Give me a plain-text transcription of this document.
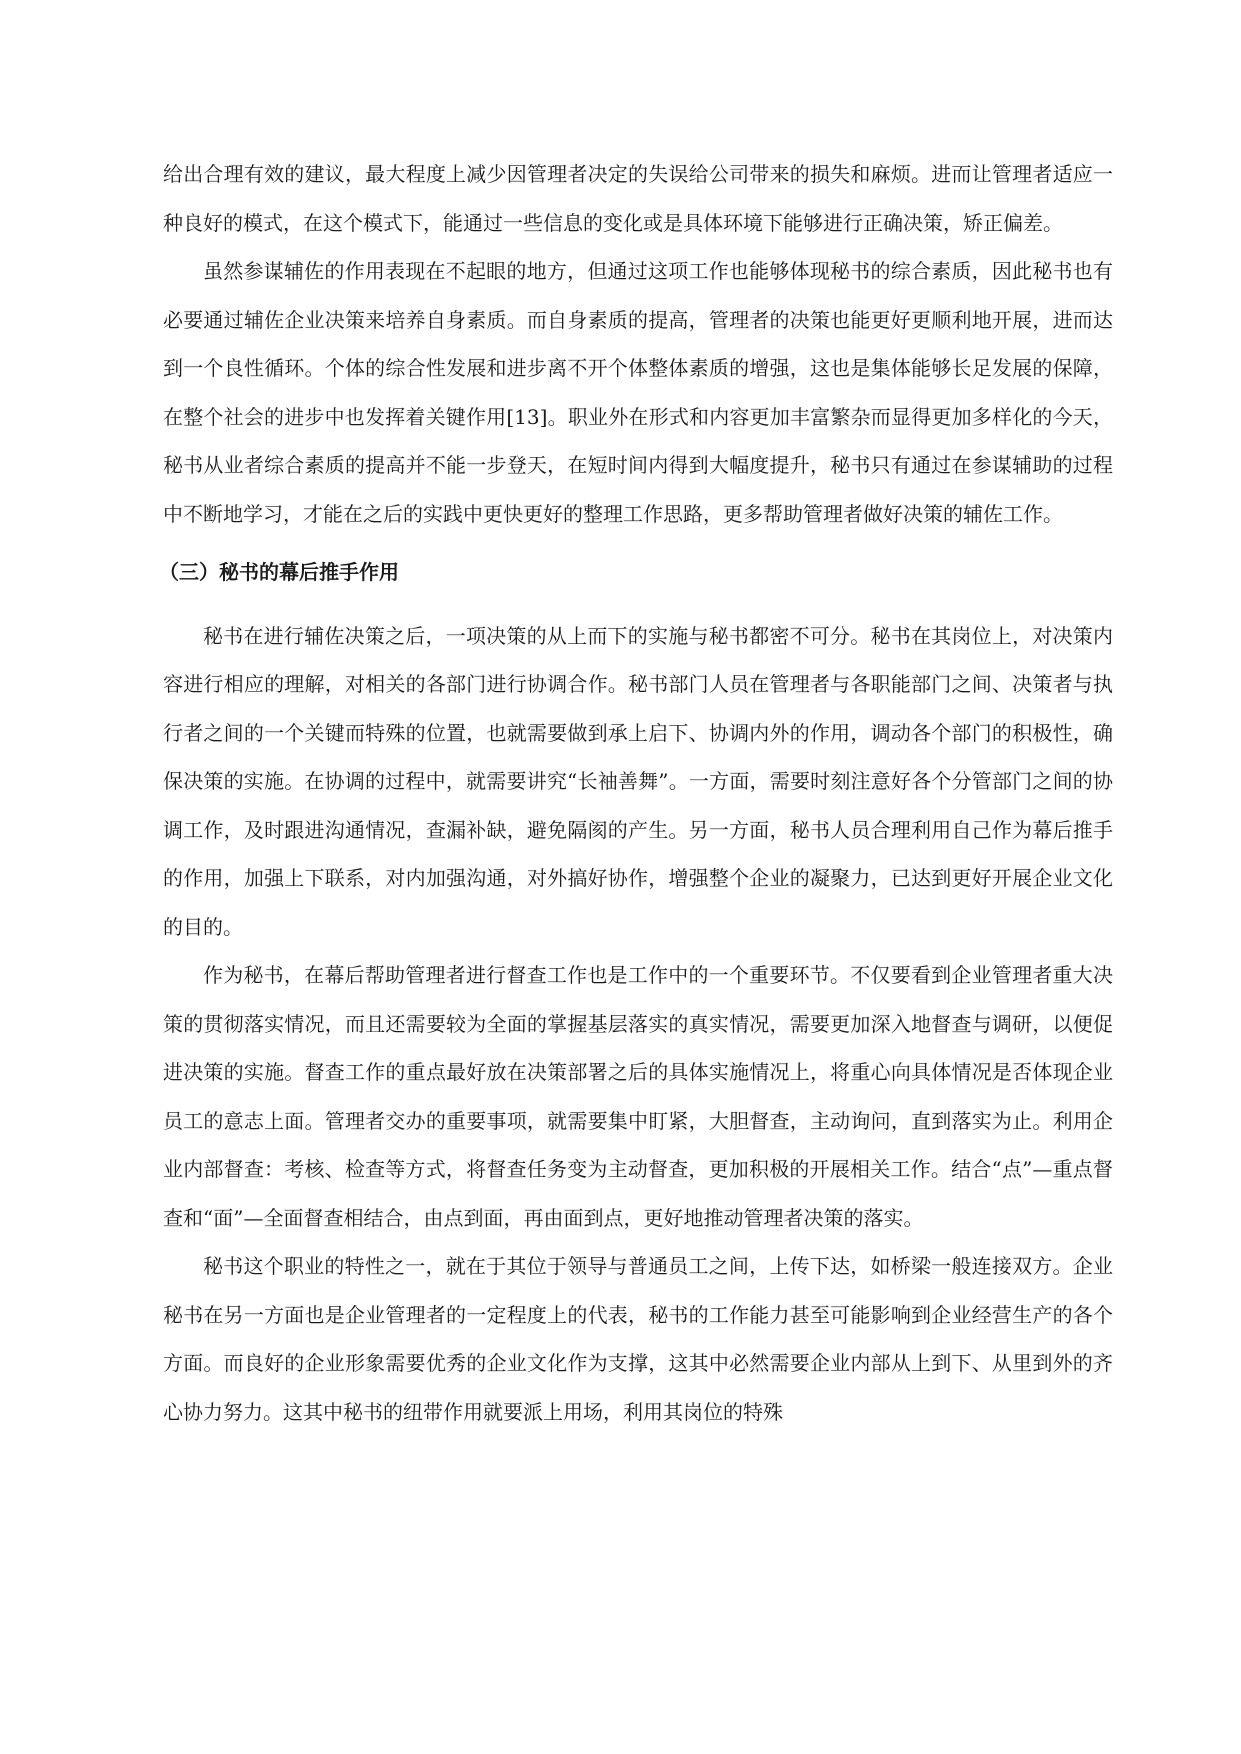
给出合理有效的建议，最大程度上减少因管理者决定的失误给公司带来的损失和麻烦。进而让管理者适应一种良好的模式，在这个模式下，能通过一些信息的变化或是具体环境下能够进行正确决策，矫正偏差。

虽然参谋辅佐的作用表现在不起眼的地方，但通过这项工作也能够体现秘书的综合素质，因此秘书也有必要通过辅佐企业决策来培养自身素质。而自身素质的提高，管理者的决策也能更好更顺利地开展，进而达到一个良性循环。个体的综合性发展和进步离不开个体整体素质的增强，这也是集体能够长足发展的保障，在整个社会的进步中也发挥着关键作用[13]。职业外在形式和内容更加丰富繁杂而显得更加多样化的今天，秘书从业者综合素质的提高并不能一步登天，在短时间内得到大幅度提升，秘书只有通过在参谋辅助的过程中不断地学习，才能在之后的实践中更快更好的整理工作思路，更多帮助管理者做好决策的辅佐工作。

（三）秘书的幕后推手作用

秘书在进行辅佐决策之后，一项决策的从上而下的实施与秘书都密不可分。秘书在其岗位上，对决策内容进行相应的理解，对相关的各部门进行协调合作。秘书部门人员在管理者与各职能部门之间、决策者与执行者之间的一个关键而特殊的位置，也就需要做到承上启下、协调内外的作用，调动各个部门的积极性，确保决策的实施。在协调的过程中，就需要讲究“长袖善舞”。一方面，需要时刻注意好各个分管部门之间的协调工作，及时跟进沟通情况，查漏补缺，避免隔阂的产生。另一方面，秘书人员合理利用自己作为幕后推手的作用，加强上下联系，对内加强沟通，对外搞好协作，增强整个企业的凝聚力，已达到更好开展企业文化的目的。

作为秘书，在幕后帮助管理者进行督查工作也是工作中的一个重要环节。不仅要看到企业管理者重大决策的贯彻落实情况，而且还需要较为全面的掌握基层落实的真实情况，需要更加深入地督查与调研，以便促进决策的实施。督查工作的重点最好放在决策部署之后的具体实施情况上，将重心向具体情况是否体现企业员工的意志上面。管理者交办的重要事项，就需要集中盯紧，大胆督查，主动询问，直到落实为止。利用企业内部督查：考核、检查等方式，将督查任务变为主动督查，更加积极的开展相关工作。结合“点”—重点督查和“面”—全面督查相结合，由点到面，再由面到点，更好地推动管理者决策的落实。

秘书这个职业的特性之一，就在于其位于领导与普通员工之间，上传下达，如桥梁一般连接双方。企业秘书在另一方面也是企业管理者的一定程度上的代表，秘书的工作能力甚至可能影响到企业经营生产的各个方面。而良好的企业形象需要优秀的企业文化作为支撑，这其中必然需要企业内部从上到下、从里到外的齐心协力努力。这其中秘书的纽带作用就要派上用场，利用其岗位的特殊
